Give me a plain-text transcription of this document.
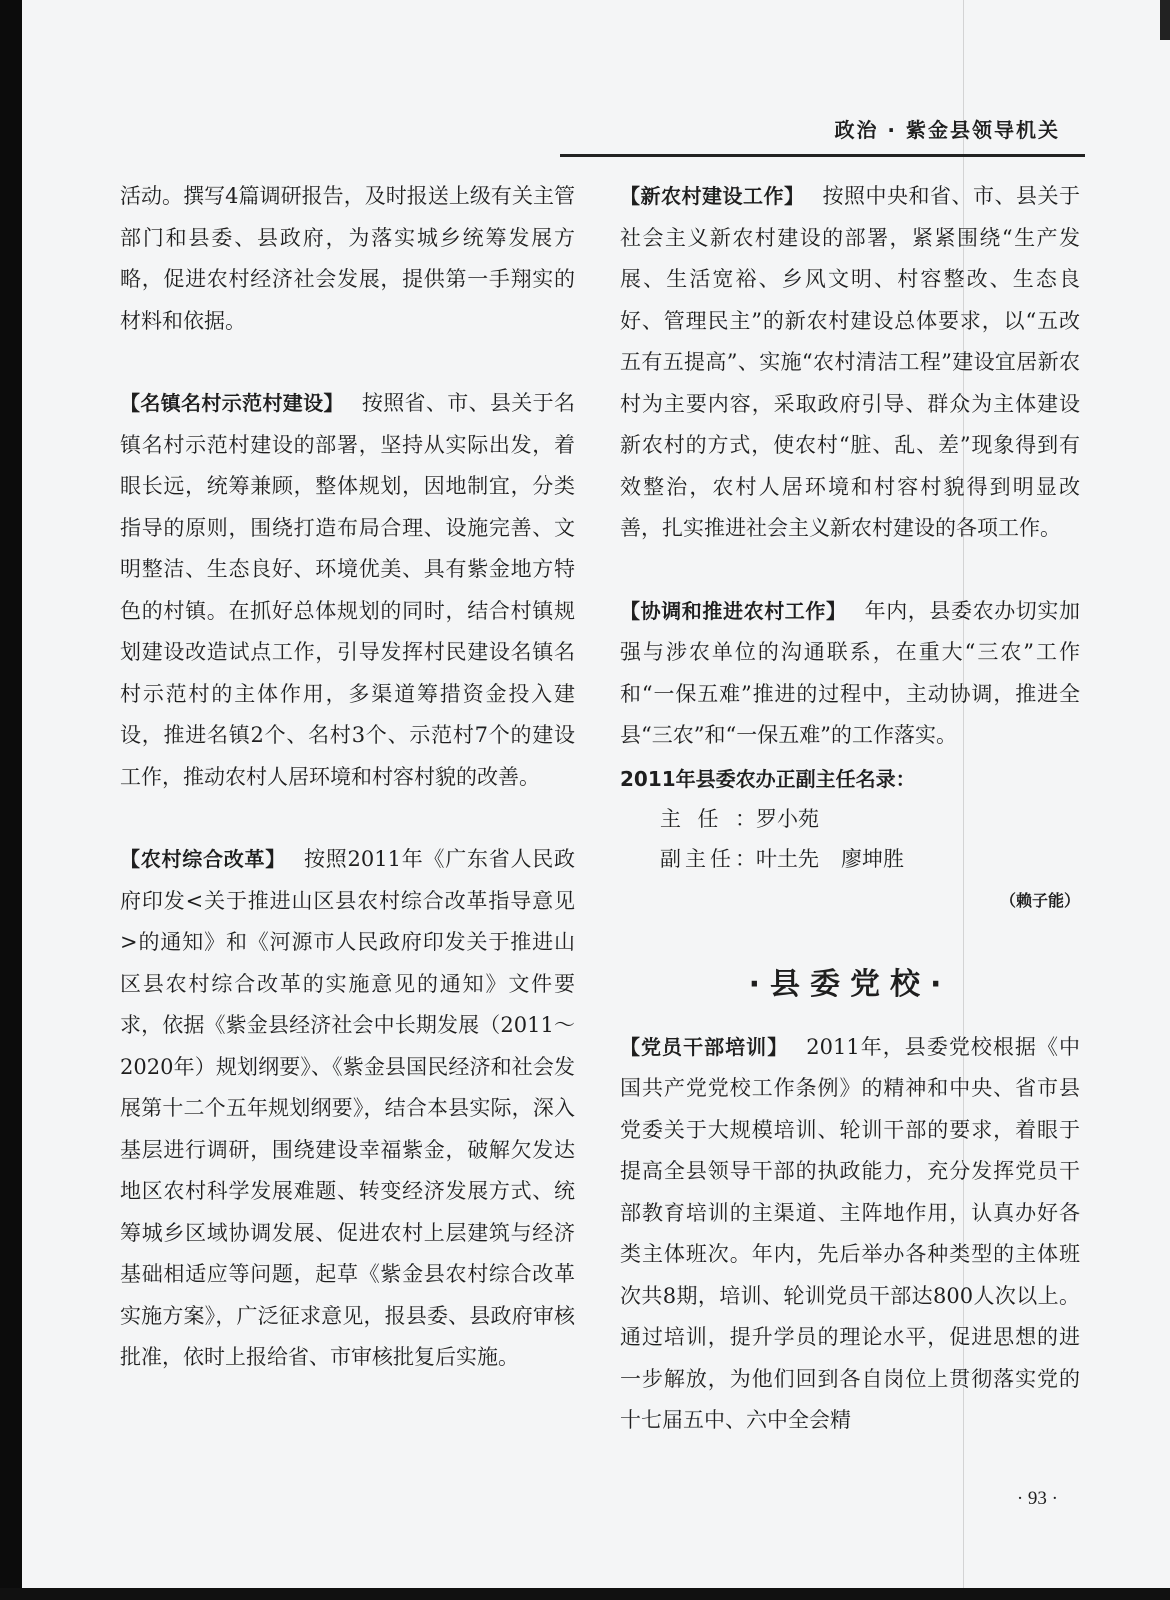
政治 · 紫金县领导机关

活动。撰写4篇调研报告，及时报送上级有关主管部门和县委、县政府，为落实城乡统筹发展方略，促进农村经济社会发展，提供第一手翔实的材料和依据。

【名镇名村示范村建设】 按照省、市、县关于名镇名村示范村建设的部署，坚持从实际出发，着眼长远，统筹兼顾，整体规划，因地制宜，分类指导的原则，围绕打造布局合理、设施完善、文明整洁、生态良好、环境优美、具有紫金地方特色的村镇。在抓好总体规划的同时，结合村镇规划建设改造试点工作，引导发挥村民建设名镇名村示范村的主体作用，多渠道筹措资金投入建设，推进名镇2个、名村3个、示范村7个的建设工作，推动农村人居环境和村容村貌的改善。

【农村综合改革】 按照2011年《广东省人民政府印发<关于推进山区县农村综合改革指导意见>的通知》和《河源市人民政府印发关于推进山区县农村综合改革的实施意见的通知》文件要求，依据《紫金县经济社会中长期发展（2011～2020年）规划纲要》、《紫金县国民经济和社会发展第十二个五年规划纲要》，结合本县实际，深入基层进行调研，围绕建设幸福紫金，破解欠发达地区农村科学发展难题、转变经济发展方式、统筹城乡区域协调发展、促进农村上层建筑与经济基础相适应等问题，起草《紫金县农村综合改革实施方案》，广泛征求意见，报县委、县政府审核批准，依时上报给省、市审核批复后实施。

【新农村建设工作】 按照中央和省、市、县关于社会主义新农村建设的部署，紧紧围绕“生产发展、生活宽裕、乡风文明、村容整改、生态良好、管理民主”的新农村建设总体要求，以“五改五有五提高”、实施“农村清洁工程”建设宜居新农村为主要内容，采取政府引导、群众为主体建设新农村的方式，使农村“脏、乱、差”现象得到有效整治，农村人居环境和村容村貌得到明显改善，扎实推进社会主义新农村建设的各项工作。

【协调和推进农村工作】 年内，县委农办切实加强与涉农单位的沟通联系，在重大“三农”工作和“一保五难”推进的过程中，主动协调，推进全县“三农”和“一保五难”的工作落实。

2011年县委农办正副主任名录：
主任：罗小苑
副主任：叶土先 廖坤胜
（赖子能）
·县委党校·

【党员干部培训】 2011年，县委党校根据《中国共产党党校工作条例》的精神和中央、省市县党委关于大规模培训、轮训干部的要求，着眼于提高全县领导干部的执政能力，充分发挥党员干部教育培训的主渠道、主阵地作用，认真办好各类主体班次。年内，先后举办各种类型的主体班次共8期，培训、轮训党员干部达800人次以上。通过培训，提升学员的理论水平，促进思想的进一步解放，为他们回到各自岗位上贯彻落实党的十七届五中、六中全会精

· 93 ·
